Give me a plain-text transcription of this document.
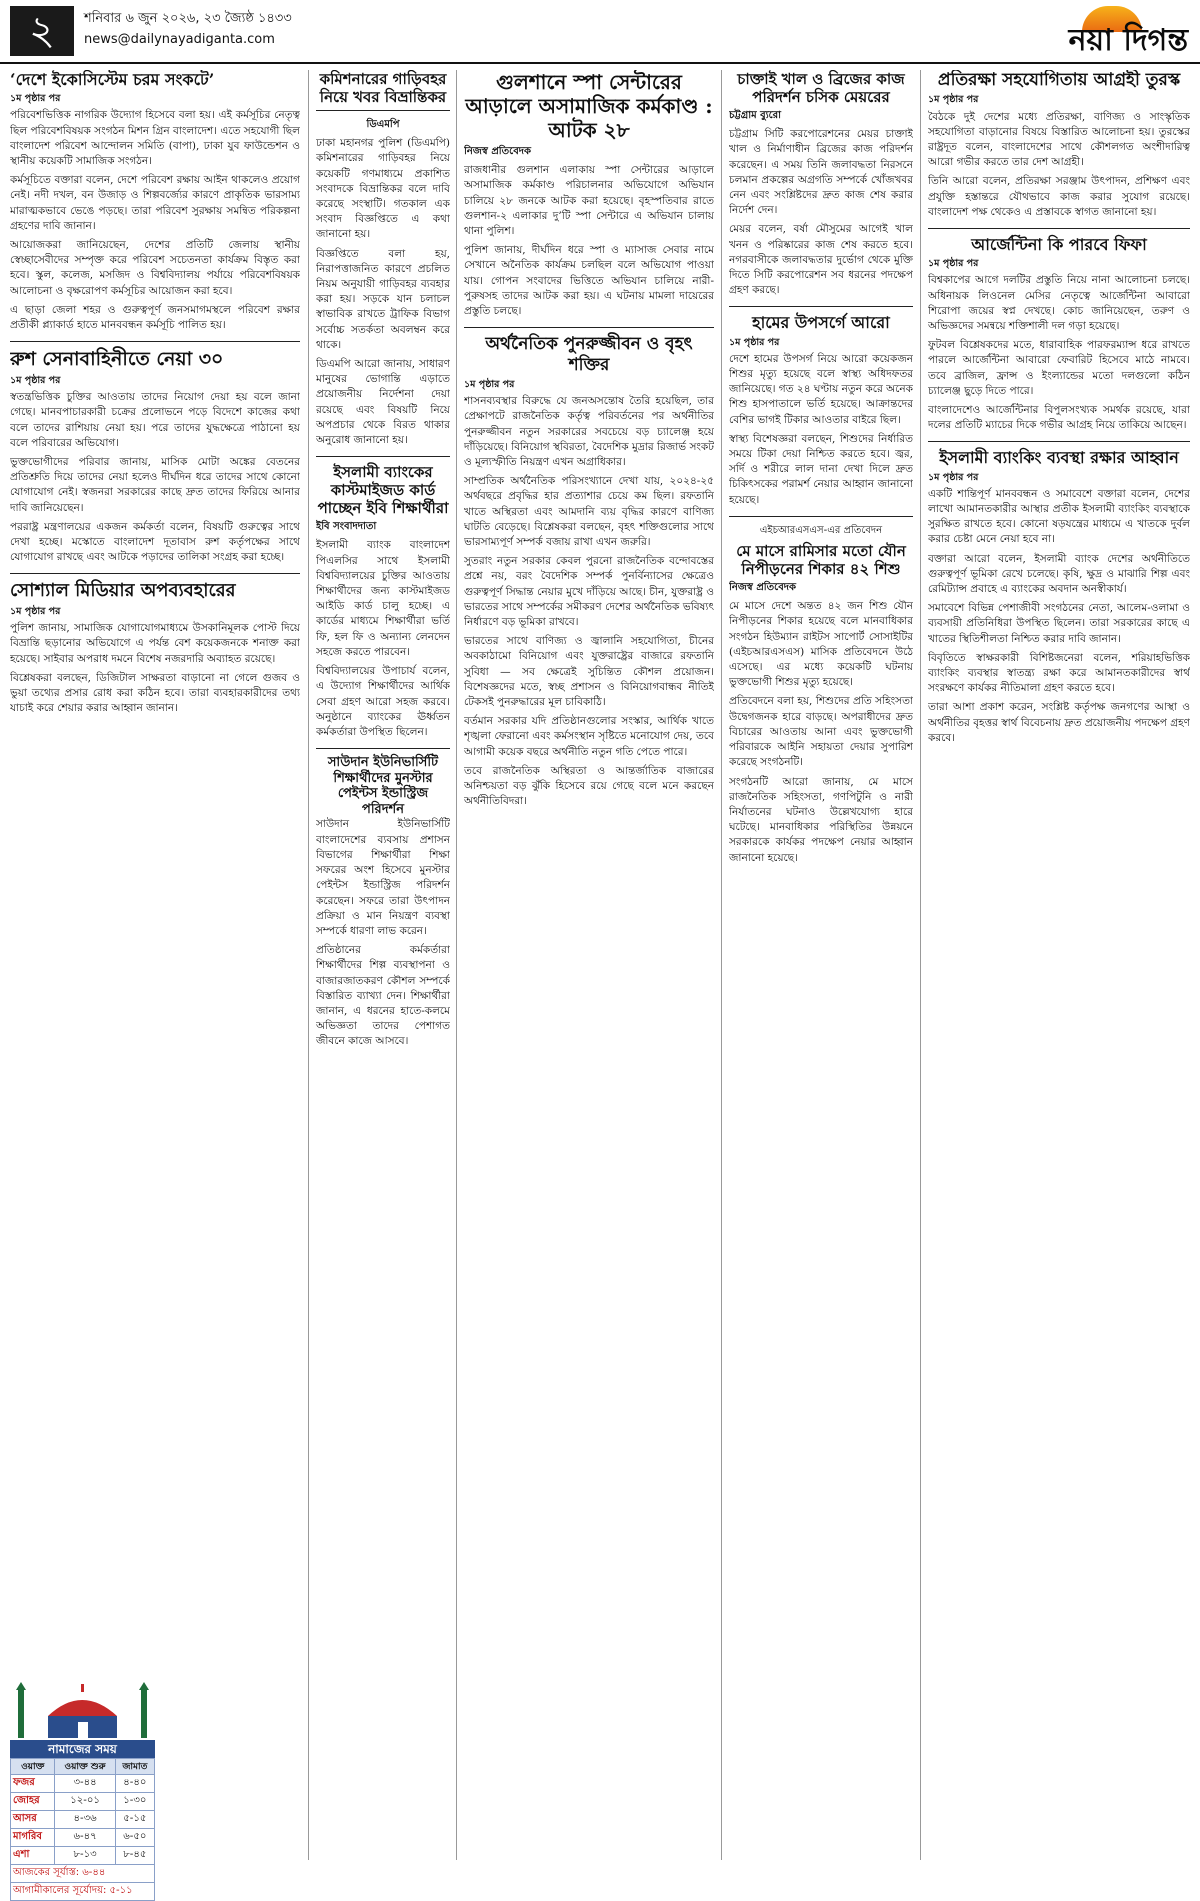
২	শনিবার ৬ জুন ২০২৬, ২৩ জ্যৈষ্ঠ ১৪৩৩
news@dailynayadiganta.com	নয়া দিগন্ত
‘দেশে ইকোসিস্টেম চরম সংকটে’
১ম পৃষ্ঠার পর

পরিবেশভিত্তিক নাগরিক উদ্যোগ হিসেবে বলা হয়। এই কর্মসূচির নেতৃত্ব ছিল পরিবেশবিষয়ক সংগঠন মিশন গ্রিন বাংলাদেশ। এতে সহযোগী ছিল বাংলাদেশ পরিবেশ আন্দোলন সমিতি (বাপা), ঢাকা যুব ফাউন্ডেশন ও স্থানীয় কয়েকটি সামাজিক সংগঠন।

কর্মসূচিতে বক্তারা বলেন, দেশে পরিবেশ রক্ষায় আইন থাকলেও প্রয়োগ নেই। নদী দখল, বন উজাড় ও শিল্পবর্জ্যের কারণে প্রাকৃতিক ভারসাম্য মারাত্মকভাবে ভেঙে পড়ছে। তারা পরিবেশ সুরক্ষায় সমন্বিত পরিকল্পনা গ্রহণের দাবি জানান।

আয়োজকরা জানিয়েছেন, দেশের প্রতিটি জেলায় স্থানীয় স্বেচ্ছাসেবীদের সম্পৃক্ত করে পরিবেশ সচেতনতা কার্যক্রম বিস্তৃত করা হবে। স্কুল, কলেজ, মসজিদ ও বিশ্ববিদ্যালয় পর্যায়ে পরিবেশবিষয়ক আলোচনা ও বৃক্ষরোপণ কর্মসূচির আয়োজন করা হবে।

এ ছাড়া জেলা শহর ও গুরুত্বপূর্ণ জনসমাগমস্থলে পরিবেশ রক্ষার প্রতীকী প্ল্যাকার্ড হাতে মানববন্ধন কর্মসূচি পালিত হয়।

রুশ সেনাবাহিনীতে নেয়া ৩০
১ম পৃষ্ঠার পর

স্বতন্ত্রভিত্তিক চুক্তির আওতায় তাদের নিয়োগ দেয়া হয় বলে জানা গেছে। মানবপাচারকারী চক্রের প্রলোভনে পড়ে বিদেশে কাজের কথা বলে তাদের রাশিয়ায় নেয়া হয়। পরে তাদের যুদ্ধক্ষেত্রে পাঠানো হয় বলে পরিবারের অভিযোগ।

ভুক্তভোগীদের পরিবার জানায়, মাসিক মোটা অঙ্কের বেতনের প্রতিশ্রুতি দিয়ে তাদের নেয়া হলেও দীর্ঘদিন ধরে তাদের সাথে কোনো যোগাযোগ নেই। স্বজনরা সরকারের কাছে দ্রুত তাদের ফিরিয়ে আনার দাবি জানিয়েছেন।

পররাষ্ট্র মন্ত্রণালয়ের একজন কর্মকর্তা বলেন, বিষয়টি গুরুত্বের সাথে দেখা হচ্ছে। মস্কোতে বাংলাদেশ দূতাবাস রুশ কর্তৃপক্ষের সাথে যোগাযোগ রাখছে এবং আটকে পড়াদের তালিকা সংগ্রহ করা হচ্ছে।

সোশ্যাল মিডিয়ার অপব্যবহারের
১ম পৃষ্ঠার পর

পুলিশ জানায়, সামাজিক যোগাযোগমাধ্যমে উসকানিমূলক পোস্ট দিয়ে বিভ্রান্তি ছড়ানোর অভিযোগে এ পর্যন্ত বেশ কয়েকজনকে শনাক্ত করা হয়েছে। সাইবার অপরাধ দমনে বিশেষ নজরদারি অব্যাহত রয়েছে।

বিশ্লেষকরা বলছেন, ডিজিটাল সাক্ষরতা বাড়ানো না গেলে গুজব ও ভুয়া তথ্যের প্রসার রোধ করা কঠিন হবে। তারা ব্যবহারকারীদের তথ্য যাচাই করে শেয়ার করার আহ্বান জানান।

নামাজের সময়
ওয়াক্ত	ওয়াক্ত শুরু	জামাত
ফজর	৩-৪৪	৪-৪০
জোহর	১২-০১	১-৩০
আসর	৪-৩৬	৫-১৫
মাগরিব	৬-৪৭	৬-৫০
এশা	৮-১৩	৮-৪৫
আজকের সূর্যাস্ত: ৬-৪৪		
আগামীকালের সূর্যোদয়: ৫-১১		
কমিশনারের গাড়িবহর নিয়ে খবর বিভ্রান্তিকর
ডিএমপি

ঢাকা মহানগর পুলিশ (ডিএমপি) কমিশনারের গাড়িবহর নিয়ে কয়েকটি গণমাধ্যমে প্রকাশিত সংবাদকে বিভ্রান্তিকর বলে দাবি করেছে সংস্থাটি। গতকাল এক সংবাদ বিজ্ঞপ্তিতে এ কথা জানানো হয়।

বিজ্ঞপ্তিতে বলা হয়, নিরাপত্তাজনিত কারণে প্রচলিত নিয়ম অনুযায়ী গাড়িবহর ব্যবহার করা হয়। সড়কে যান চলাচল স্বাভাবিক রাখতে ট্রাফিক বিভাগ সর্বোচ্চ সতর্কতা অবলম্বন করে থাকে।

ডিএমপি আরো জানায়, সাধারণ মানুষের ভোগান্তি এড়াতে প্রয়োজনীয় নির্দেশনা দেয়া রয়েছে এবং বিষয়টি নিয়ে অপপ্রচার থেকে বিরত থাকার অনুরোধ জানানো হয়।

ইসলামী ব্যাংকের কাস্টমাইজড কার্ড পাচ্ছেন ইবি শিক্ষার্থীরা
ইবি সংবাদদাতা

ইসলামী ব্যাংক বাংলাদেশ পিএলসির সাথে ইসলামী বিশ্ববিদ্যালয়ের চুক্তির আওতায় শিক্ষার্থীদের জন্য কাস্টমাইজড আইডি কার্ড চালু হচ্ছে। এ কার্ডের মাধ্যমে শিক্ষার্থীরা ভর্তি ফি, হল ফি ও অন্যান্য লেনদেন সহজে করতে পারবেন।

বিশ্ববিদ্যালয়ের উপাচার্য বলেন, এ উদ্যোগ শিক্ষার্থীদের আর্থিক সেবা গ্রহণ আরো সহজ করবে। অনুষ্ঠানে ব্যাংকের ঊর্ধ্বতন কর্মকর্তারা উপস্থিত ছিলেন।

সাউদান ইউনিভার্সিটি শিক্ষার্থীদের মুনস্টার পেইন্টস ইন্ডাস্ট্রিজ পরিদর্শন

সাউদান ইউনিভার্সিটি বাংলাদেশের ব্যবসায় প্রশাসন বিভাগের শিক্ষার্থীরা শিক্ষা সফরের অংশ হিসেবে মুনস্টার পেইন্টস ইন্ডাস্ট্রিজ পরিদর্শন করেছেন। সফরে তারা উৎপাদন প্রক্রিয়া ও মান নিয়ন্ত্রণ ব্যবস্থা সম্পর্কে ধারণা লাভ করেন।

প্রতিষ্ঠানের কর্মকর্তারা শিক্ষার্থীদের শিল্প ব্যবস্থাপনা ও বাজারজাতকরণ কৌশল সম্পর্কে বিস্তারিত ব্যাখ্যা দেন। শিক্ষার্থীরা জানান, এ ধরনের হাতে-কলমে অভিজ্ঞতা তাদের পেশাগত জীবনে কাজে আসবে।

গুলশানে স্পা সেন্টারের আড়ালে অসামাজিক কর্মকাণ্ড : আটক ২৮
নিজস্ব প্রতিবেদক

রাজধানীর গুলশান এলাকায় স্পা সেন্টারের আড়ালে অসামাজিক কর্মকাণ্ড পরিচালনার অভিযোগে অভিযান চালিয়ে ২৮ জনকে আটক করা হয়েছে। বৃহস্পতিবার রাতে গুলশান-২ এলাকার দু’টি স্পা সেন্টারে এ অভিযান চালায় থানা পুলিশ।

পুলিশ জানায়, দীর্ঘদিন ধরে স্পা ও ম্যাসাজ সেবার নামে সেখানে অনৈতিক কার্যক্রম চলছিল বলে অভিযোগ পাওয়া যায়। গোপন সংবাদের ভিত্তিতে অভিযান চালিয়ে নারী-পুরুষসহ তাদের আটক করা হয়। এ ঘটনায় মামলা দায়েরের প্রস্তুতি চলছে।

অর্থনৈতিক পুনরুজ্জীবন ও বৃহৎ শক্তির
১ম পৃষ্ঠার পর

শাসনব্যবস্থার বিরুদ্ধে যে জনঅসন্তোষ তৈরি হয়েছিল, তার প্রেক্ষাপটে রাজনৈতিক কর্তৃত্ব পরিবর্তনের পর অর্থনীতির পুনরুজ্জীবন নতুন সরকারের সবচেয়ে বড় চ্যালেঞ্জ হয়ে দাঁড়িয়েছে। বিনিয়োগ স্থবিরতা, বৈদেশিক মুদ্রার রিজার্ভ সংকট ও মূল্যস্ফীতি নিয়ন্ত্রণ এখন অগ্রাধিকার।

সাম্প্রতিক অর্থনৈতিক পরিসংখ্যানে দেখা যায়, ২০২৪-২৫ অর্থবছরে প্রবৃদ্ধির হার প্রত্যাশার চেয়ে কম ছিল। রফতানি খাতে অস্থিরতা এবং আমদানি ব্যয় বৃদ্ধির কারণে বাণিজ্য ঘাটতি বেড়েছে। বিশ্লেষকরা বলছেন, বৃহৎ শক্তিগুলোর সাথে ভারসাম্যপূর্ণ সম্পর্ক বজায় রাখা এখন জরুরি।

সুতরাং নতুন সরকার কেবল পুরনো রাজনৈতিক বন্দোবস্তের প্রশ্নে নয়, বরং বৈদেশিক সম্পর্ক পুনর্বিন্যাসের ক্ষেত্রেও গুরুত্বপূর্ণ সিদ্ধান্ত নেয়ার মুখে দাঁড়িয়ে আছে। চীন, যুক্তরাষ্ট্র ও ভারতের সাথে সম্পর্কের সমীকরণ দেশের অর্থনৈতিক ভবিষ্যৎ নির্ধারণে বড় ভূমিকা রাখবে।

ভারতের সাথে বাণিজ্য ও জ্বালানি সহযোগিতা, চীনের অবকাঠামো বিনিয়োগ এবং যুক্তরাষ্ট্রের বাজারে রফতানি সুবিধা — সব ক্ষেত্রেই সুচিন্তিত কৌশল প্রয়োজন। বিশেষজ্ঞদের মতে, স্বচ্ছ প্রশাসন ও বিনিয়োগবান্ধব নীতিই টেকসই পুনরুদ্ধারের মূল চাবিকাঠি।

বর্তমান সরকার যদি প্রতিষ্ঠানগুলোর সংস্কার, আর্থিক খাতে শৃঙ্খলা ফেরানো এবং কর্মসংস্থান সৃষ্টিতে মনোযোগ দেয়, তবে আগামী কয়েক বছরে অর্থনীতি নতুন গতি পেতে পারে।

তবে রাজনৈতিক অস্থিরতা ও আন্তর্জাতিক বাজারের অনিশ্চয়তা বড় ঝুঁকি হিসেবে রয়ে গেছে বলে মনে করছেন অর্থনীতিবিদরা।

চাক্তাই খাল ও ব্রিজের কাজ পরিদর্শন চসিক মেয়রের
চট্টগ্রাম ব্যুরো

চট্টগ্রাম সিটি করপোরেশনের মেয়র চাক্তাই খাল ও নির্মাণাধীন ব্রিজের কাজ পরিদর্শন করেছেন। এ সময় তিনি জলাবদ্ধতা নিরসনে চলমান প্রকল্পের অগ্রগতি সম্পর্কে খোঁজখবর নেন এবং সংশ্লিষ্টদের দ্রুত কাজ শেষ করার নির্দেশ দেন।

মেয়র বলেন, বর্ষা মৌসুমের আগেই খাল খনন ও পরিষ্কারের কাজ শেষ করতে হবে। নগরবাসীকে জলাবদ্ধতার দুর্ভোগ থেকে মুক্তি দিতে সিটি করপোরেশন সব ধরনের পদক্ষেপ গ্রহণ করছে।

হামের উপসর্গে আরো
১ম পৃষ্ঠার পর

দেশে হামের উপসর্গ নিয়ে আরো কয়েকজন শিশুর মৃত্যু হয়েছে বলে স্বাস্থ্য অধিদফতর জানিয়েছে। গত ২৪ ঘণ্টায় নতুন করে অনেক শিশু হাসপাতালে ভর্তি হয়েছে। আক্রান্তদের বেশির ভাগই টিকার আওতার বাইরে ছিল।

স্বাস্থ্য বিশেষজ্ঞরা বলছেন, শিশুদের নির্ধারিত সময়ে টিকা দেয়া নিশ্চিত করতে হবে। জ্বর, সর্দি ও শরীরে লাল দানা দেখা দিলে দ্রুত চিকিৎসকের পরামর্শ নেয়ার আহ্বান জানানো হয়েছে।

এইচআরএসএস-এর প্রতিবেদন
মে মাসে রামিসার মতো যৌন নিপীড়নের শিকার ৪২ শিশু
নিজস্ব প্রতিবেদক

মে মাসে দেশে অন্তত ৪২ জন শিশু যৌন নিপীড়নের শিকার হয়েছে বলে মানবাধিকার সংগঠন হিউম্যান রাইটস সাপোর্ট সোসাইটির (এইচআরএসএস) মাসিক প্রতিবেদনে উঠে এসেছে। এর মধ্যে কয়েকটি ঘটনায় ভুক্তভোগী শিশুর মৃত্যু হয়েছে।

প্রতিবেদনে বলা হয়, শিশুদের প্রতি সহিংসতা উদ্বেগজনক হারে বাড়ছে। অপরাধীদের দ্রুত বিচারের আওতায় আনা এবং ভুক্তভোগী পরিবারকে আইনি সহায়তা দেয়ার সুপারিশ করেছে সংগঠনটি।

সংগঠনটি আরো জানায়, মে মাসে রাজনৈতিক সহিংসতা, গণপিটুনি ও নারী নির্যাতনের ঘটনাও উল্লেখযোগ্য হারে ঘটেছে। মানবাধিকার পরিস্থিতির উন্নয়নে সরকারকে কার্যকর পদক্ষেপ নেয়ার আহ্বান জানানো হয়েছে।

প্রতিরক্ষা সহযোগিতায় আগ্রহী তুরস্ক
১ম পৃষ্ঠার পর

বৈঠকে দুই দেশের মধ্যে প্রতিরক্ষা, বাণিজ্য ও সাংস্কৃতিক সহযোগিতা বাড়ানোর বিষয়ে বিস্তারিত আলোচনা হয়। তুরস্কের রাষ্ট্রদূত বলেন, বাংলাদেশের সাথে কৌশলগত অংশীদারিত্ব আরো গভীর করতে তার দেশ আগ্রহী।

তিনি আরো বলেন, প্রতিরক্ষা সরঞ্জাম উৎপাদন, প্রশিক্ষণ এবং প্রযুক্তি হস্তান্তরে যৌথভাবে কাজ করার সুযোগ রয়েছে। বাংলাদেশ পক্ষ থেকেও এ প্রস্তাবকে স্বাগত জানানো হয়।

আর্জেন্টিনা কি পারবে ফিফা
১ম পৃষ্ঠার পর

বিশ্বকাপের আগে দলটির প্রস্তুতি নিয়ে নানা আলোচনা চলছে। অধিনায়ক লিওনেল মেসির নেতৃত্বে আর্জেন্টিনা আবারো শিরোপা জয়ের স্বপ্ন দেখছে। কোচ জানিয়েছেন, তরুণ ও অভিজ্ঞদের সমন্বয়ে শক্তিশালী দল গড়া হয়েছে।

ফুটবল বিশ্লেষকদের মতে, ধারাবাহিক পারফরম্যান্স ধরে রাখতে পারলে আর্জেন্টিনা আবারো ফেবারিট হিসেবে মাঠে নামবে। তবে ব্রাজিল, ফ্রান্স ও ইংল্যান্ডের মতো দলগুলো কঠিন চ্যালেঞ্জ ছুড়ে দিতে পারে।

বাংলাদেশেও আর্জেন্টিনার বিপুলসংখ্যক সমর্থক রয়েছে, যারা দলের প্রতিটি ম্যাচের দিকে গভীর আগ্রহ নিয়ে তাকিয়ে আছেন।

ইসলামী ব্যাংকিং ব্যবস্থা রক্ষার আহ্বান
১ম পৃষ্ঠার পর

একটি শান্তিপূর্ণ মানববন্ধন ও সমাবেশে বক্তারা বলেন, দেশের লাখো আমানতকারীর আস্থার প্রতীক ইসলামী ব্যাংকিং ব্যবস্থাকে সুরক্ষিত রাখতে হবে। কোনো ষড়যন্ত্রের মাধ্যমে এ খাতকে দুর্বল করার চেষ্টা মেনে নেয়া হবে না।

বক্তারা আরো বলেন, ইসলামী ব্যাংক দেশের অর্থনীতিতে গুরুত্বপূর্ণ ভূমিকা রেখে চলেছে। কৃষি, ক্ষুদ্র ও মাঝারি শিল্প এবং রেমিট্যান্স প্রবাহে এ ব্যাংকের অবদান অনস্বীকার্য।

সমাবেশে বিভিন্ন পেশাজীবী সংগঠনের নেতা, আলেম-ওলামা ও ব্যবসায়ী প্রতিনিধিরা উপস্থিত ছিলেন। তারা সরকারের কাছে এ খাতের স্থিতিশীলতা নিশ্চিত করার দাবি জানান।

বিবৃতিতে স্বাক্ষরকারী বিশিষ্টজনেরা বলেন, শরিয়াহভিত্তিক ব্যাংকিং ব্যবস্থার স্বাতন্ত্র্য রক্ষা করে আমানতকারীদের স্বার্থ সংরক্ষণে কার্যকর নীতিমালা গ্রহণ করতে হবে।

তারা আশা প্রকাশ করেন, সংশ্লিষ্ট কর্তৃপক্ষ জনগণের আস্থা ও অর্থনীতির বৃহত্তর স্বার্থ বিবেচনায় দ্রুত প্রয়োজনীয় পদক্ষেপ গ্রহণ করবে।
